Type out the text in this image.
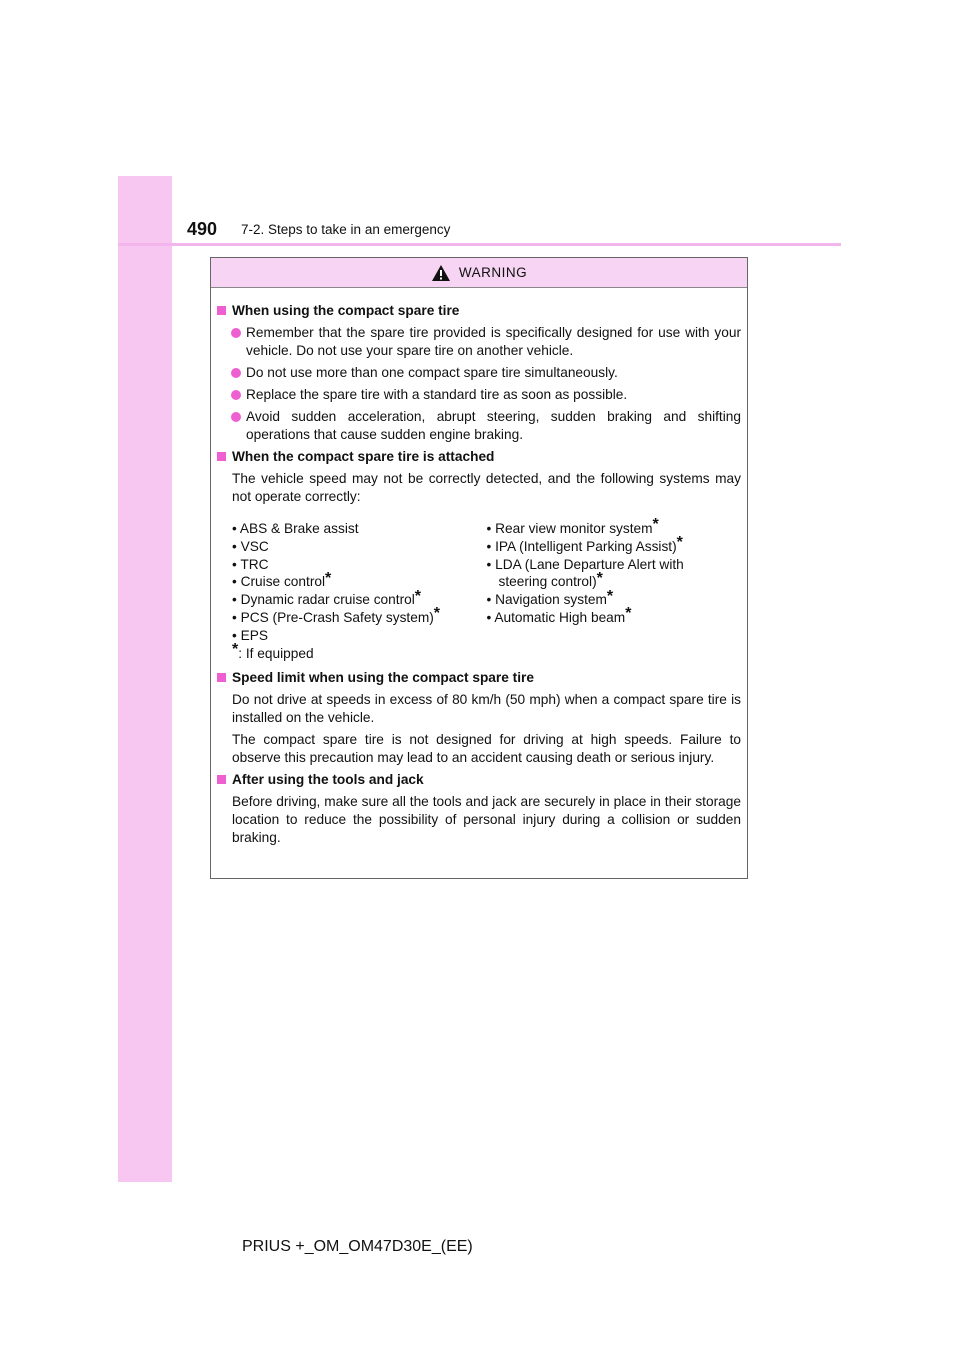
490 7-2. Steps to take in an emergency
WARNING
When using the compact spare tire
Remember that the spare tire provided is specifically designed for use with your vehicle. Do not use your spare tire on another vehicle.
Do not use more than one compact spare tire simultaneously.
Replace the spare tire with a standard tire as soon as possible.
Avoid sudden acceleration, abrupt steering, sudden braking and shifting operations that cause sudden engine braking.
When the compact spare tire is attached
The vehicle speed may not be correctly detected, and the following systems may not operate correctly:
• ABS & Brake assist
• VSC
• TRC
• Cruise control*
• Dynamic radar cruise control*
• PCS (Pre-Crash Safety system)*
• EPS
• Rear view monitor system*
• IPA (Intelligent Parking Assist)*
• LDA (Lane Departure Alert with
steering control)*
• Navigation system*
• Automatic High beam*
*: If equipped
Speed limit when using the compact spare tire
Do not drive at speeds in excess of 80 km/h (50 mph) when a compact spare tire is installed on the vehicle.
The compact spare tire is not designed for driving at high speeds. Failure to observe this precaution may lead to an accident causing death or serious injury.
After using the tools and jack
Before driving, make sure all the tools and jack are securely in place in their storage location to reduce the possibility of personal injury during a collision or sudden braking.
PRIUS +_OM_OM47D30E_(EE)
